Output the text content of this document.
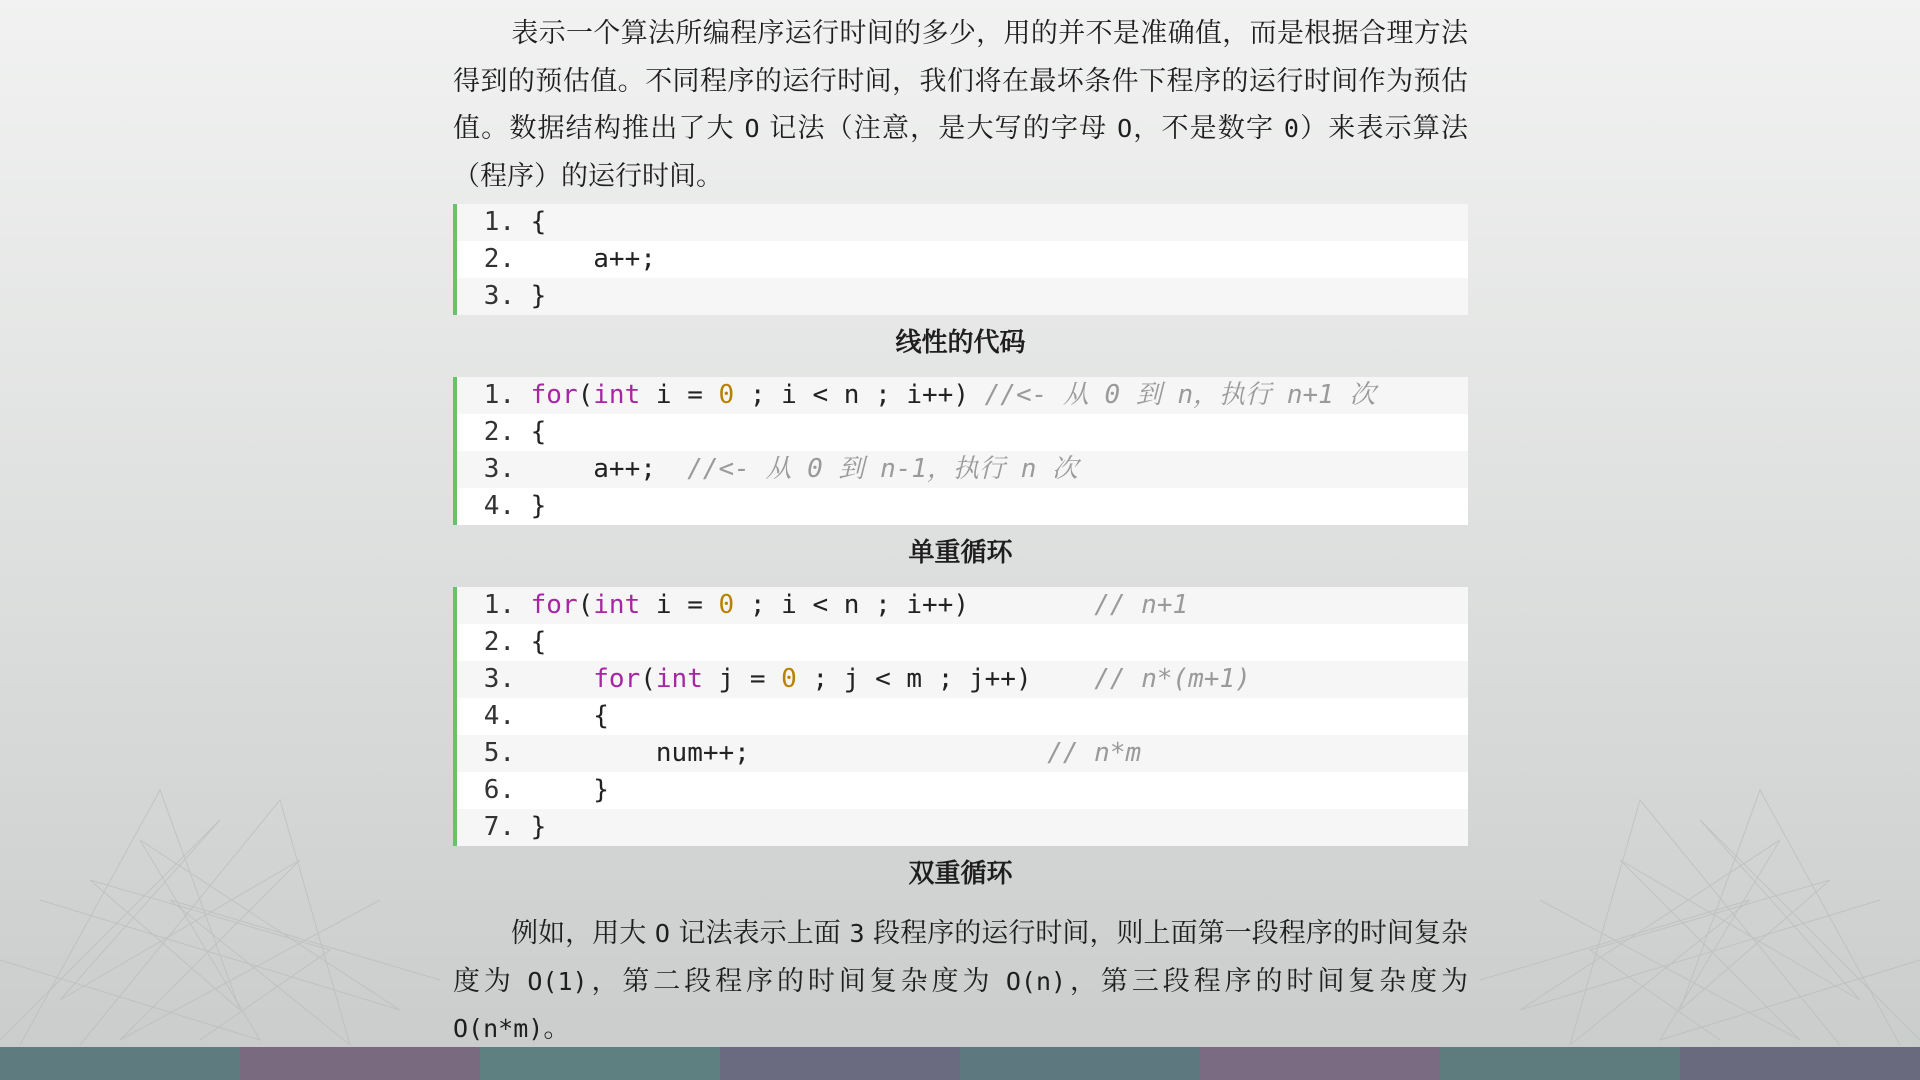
表示一个算法所编程序运行时间的多少，用的并不是准确值，而是根据合理方法得到的预估值。不同程序的运行时间，我们将在最坏条件下程序的运行时间作为预估值。数据结构推出了大 O 记法（注意，是大写的字母 O，不是数字 0）来表示算法（程序）的运行时间。

1. {
2.     a++;
3. }
线性的代码
1. for(int i = 0 ; i < n ; i++) //<- 从 0 到 n，执行 n+1 次
2. {
3.     a++;  //<- 从 0 到 n-1，执行 n 次
4. }
单重循环
1. for(int i = 0 ; i < n ; i++)        // n+1
2. {
3.	for(int j = 0 ; j < m ; j++)    // n*(m+1)
4.     {
5.         num++;                   // n*m
6.     }
7. }
双重循环

例如，用大 O 记法表示上面 3 段程序的运行时间，则上面第一段程序的时间复杂度为 O(1)，第二段程序的时间复杂度为 O(n)，第三段程序的时间复杂度为 O(n*m)。
